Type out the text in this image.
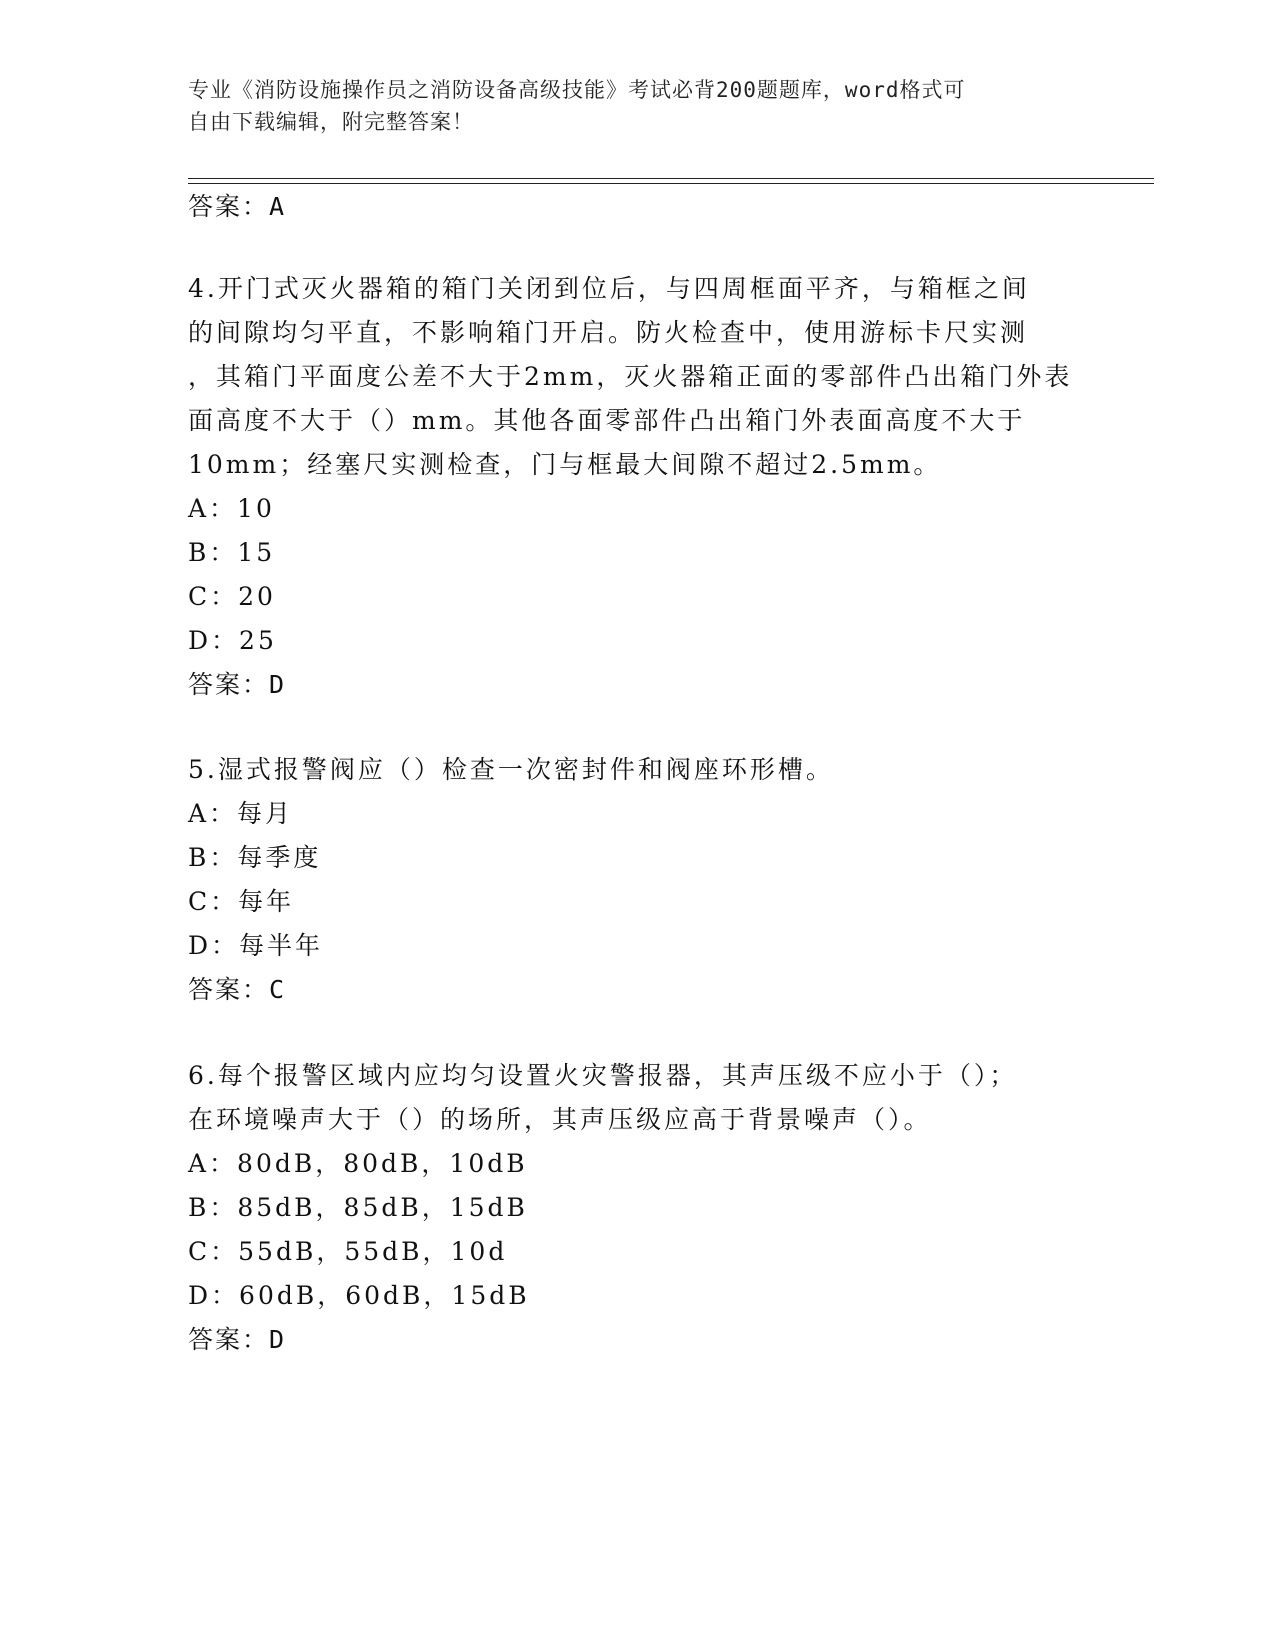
专业《消防设施操作员之消防设备高级技能》考试必背200题题库，word格式可
自由下载编辑，附完整答案！
答案：A
4.开门式灭火器箱的箱门关闭到位后，与四周框面平齐，与箱框之间
的间隙均匀平直，不影响箱门开启。防火检查中，使用游标卡尺实测
，其箱门平面度公差不大于2mm，灭火器箱正面的零部件凸出箱门外表
面高度不大于（）mm。其他各面零部件凸出箱门外表面高度不大于
10mm；经塞尺实测检查，门与框最大间隙不超过2.5mm。
A：10
B：15
C：20
D：25
答案：D
5.湿式报警阀应（）检查一次密封件和阀座环形槽。
A：每月
B：每季度
C：每年
D：每半年
答案：C
6.每个报警区域内应均匀设置火灾警报器，其声压级不应小于（）；
在环境噪声大于（）的场所，其声压级应高于背景噪声（）。
A：80dB，80dB，10dB
B：85dB，85dB，15dB
C：55dB，55dB，10d
D：60dB，60dB，15dB
答案：D
